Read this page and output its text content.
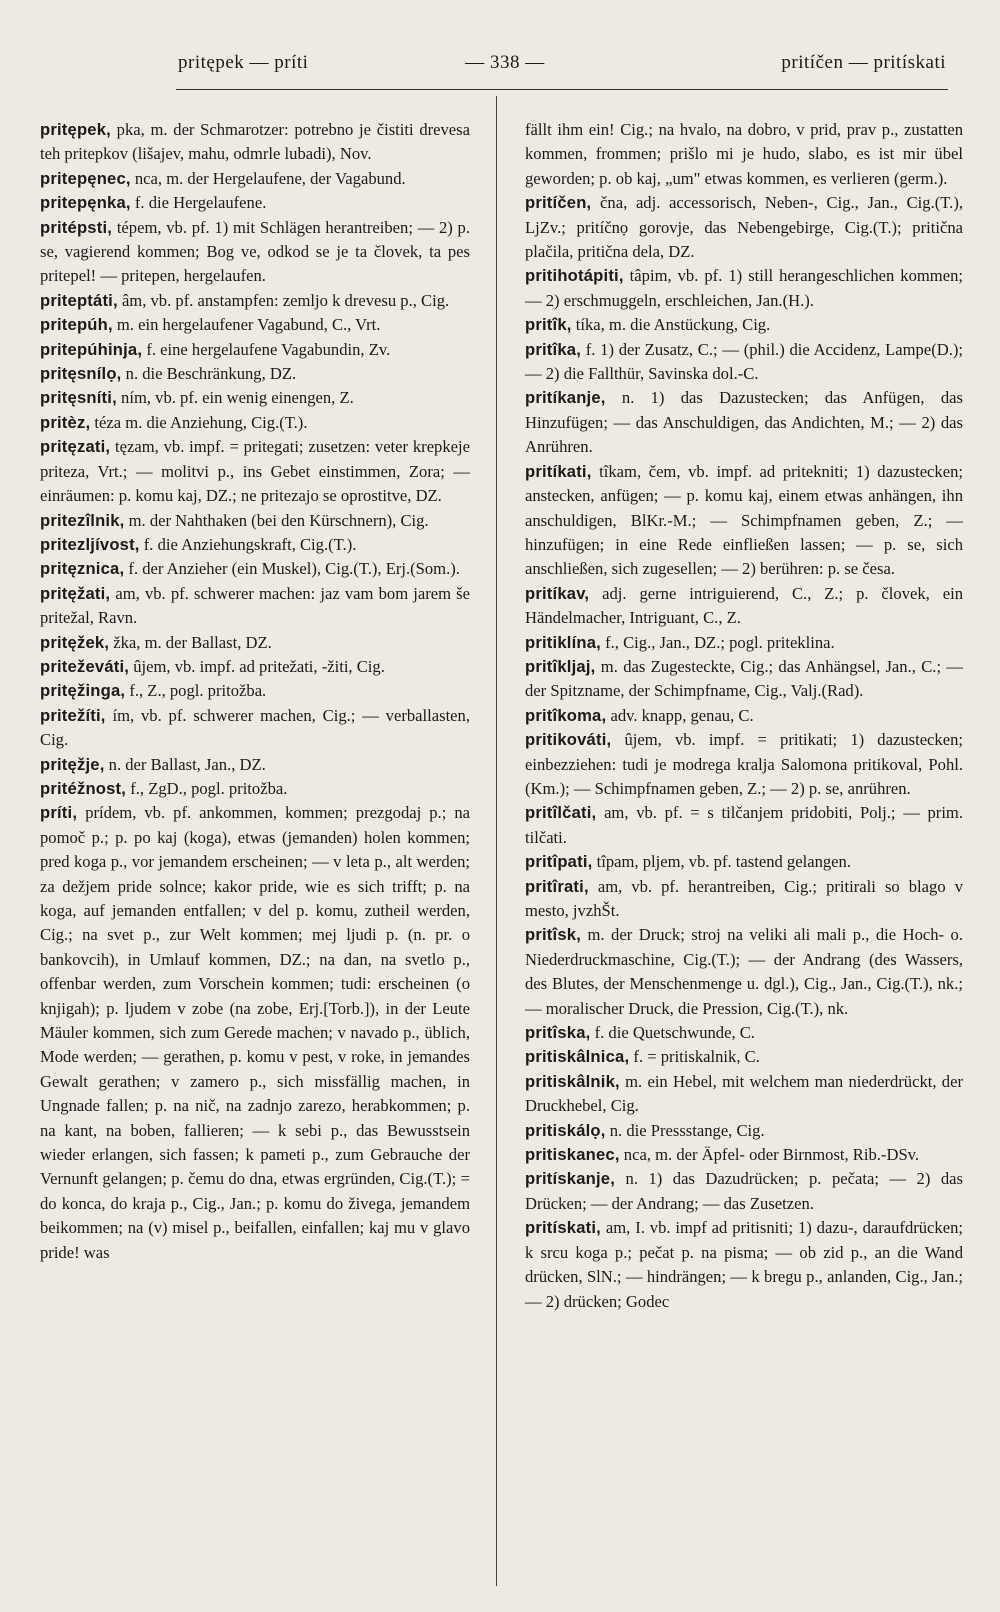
pritępek — príti	— 338 —	pritíčen — pritískati

pritępek, pka, m. der Schmarotzer: potrebno je čistiti drevesa teh pritepkov (lišajev, mahu, odmrle lubadi), Nov.

pritepęnec, nca, m. der Hergelaufene, der Vagabund.

pritepęnka, f. die Hergelaufene.

pritépsti, tépem, vb. pf. 1) mit Schlägen herantreiben; — 2) p. se, vagierend kommen; Bog ve, odkod se je ta človek, ta pes pritepel! — pritepen, hergelaufen.

priteptáti, âm, vb. pf. anstampfen: zemljo k drevesu p., Cig.

pritepúh, m. ein hergelaufener Vagabund, C., Vrt.

pritepúhinja, f. eine hergelaufene Vagabundin, Zv.

pritęsnílọ, n. die Beschränkung, DZ.

pritęsníti, ním, vb. pf. ein wenig einengen, Z.

pritèz, téza m. die Anziehung, Cig.(T.).

pritęzati, tęzam, vb. impf. = pritegati; zusetzen: veter krepkeje priteza, Vrt.; — molitvi p., ins Gebet einstimmen, Zora; — einräumen: p. komu kaj, DZ.; ne pritezajo se oprostitve, DZ.

pritezîlnik, m. der Nahthaken (bei den Kürschnern), Cig.

pritezljívost, f. die Anziehungskraft, Cig.(T.).

pritęznica, f. der Anzieher (ein Muskel), Cig.(T.), Erj.(Som.).

pritęžati, am, vb. pf. schwerer machen: jaz vam bom jarem še pritežal, Ravn.

pritęžek, žka, m. der Ballast, DZ.

priteževáti, ûjem, vb. impf. ad pritežati, -žiti, Cig.

pritęžinga, f., Z., pogl. pritožba.

pritežíti, ím, vb. pf. schwerer machen, Cig.; — verballasten, Cig.

pritęžje, n. der Ballast, Jan., DZ.

pritéžnost, f., ZgD., pogl. pritožba.

príti, prídem, vb. pf. ankommen, kommen; prezgodaj p.; na pomoč p.; p. po kaj (koga), etwas (jemanden) holen kommen; pred koga p., vor jemandem erscheinen; — v leta p., alt werden; za dežjem pride solnce; kakor pride, wie es sich trifft; p. na koga, auf jemanden entfallen; v del p. komu, zutheil werden, Cig.; na svet p., zur Welt kommen; mej ljudi p. (n. pr. o bankovcih), in Umlauf kommen, DZ.; na dan, na svetlo p., offenbar werden, zum Vorschein kommen; tudi: erscheinen (o knjigah); p. ljudem v zobe (na zobe, Erj.[Torb.]), in der Leute Mäuler kommen, sich zum Gerede machen; v navado p., üblich, Mode werden; — gerathen, p. komu v pest, v roke, in jemandes Gewalt gerathen; v zamero p., sich missfällig machen, in Ungnade fallen; p. na nič, na zadnjo zarezo, herabkommen; p. na kant, na boben, fallieren; — k sebi p., das Bewusstsein wieder erlangen, sich fassen; k pameti p., zum Gebrauche der Vernunft gelangen; p. čemu do dna, etwas ergründen, Cig.(T.); = do konca, do kraja p., Cig., Jan.; p. komu do živega, jemandem beikommen; na (v) misel p., beifallen, einfallen; kaj mu v glavo pride! was

fällt ihm ein! Cig.; na hvalo, na dobro, v prid, prav p., zustatten kommen, frommen; prišlo mi je hudo, slabo, es ist mir übel geworden; p. ob kaj, „um" etwas kommen, es verlieren (germ.).

pritíčen, čna, adj. accessorisch, Neben-, Cig., Jan., Cig.(T.), LjZv.; pritíčnọ gorovje, das Nebengebirge, Cig.(T.); pritična plačila, pritična dela, DZ.

pritihotápiti, tâpim, vb. pf. 1) still herangeschlichen kommen; — 2) erschmuggeln, erschleichen, Jan.(H.).

pritîk, tíka, m. die Anstückung, Cig.

pritîka, f. 1) der Zusatz, C.; — (phil.) die Accidenz, Lampe(D.); — 2) die Fallthür, Savinska dol.-C.

pritíkanje, n. 1) das Dazustecken; das Anfügen, das Hinzufügen; — das Anschuldigen, das Andichten, M.; — 2) das Anrühren.

pritíkati, tîkam, čem, vb. impf. ad pritekniti; 1) dazustecken; anstecken, anfügen; — p. komu kaj, einem etwas anhängen, ihn anschuldigen, BlKr.-M.; — Schimpfnamen geben, Z.; — hinzufügen; in eine Rede einfließen lassen; — p. se, sich anschließen, sich zugesellen; — 2) berühren: p. se česa.

pritíkav, adj. gerne intriguierend, C., Z.; p. človek, ein Händelmacher, Intriguant, C., Z.

pritiklína, f., Cig., Jan., DZ.; pogl. priteklina.

pritîkljaj, m. das Zugesteckte, Cig.; das Anhängsel, Jan., C.; — der Spitzname, der Schimpfname, Cig., Valj.(Rad).

pritîkoma, adv. knapp, genau, C.

pritikováti, ûjem, vb. impf. = pritikati; 1) dazustecken; einbezziehen: tudi je modrega kralja Salomona pritikoval, Pohl.(Km.); — Schimpfnamen geben, Z.; — 2) p. se, anrühren.

pritîlčati, am, vb. pf. = s tilčanjem pridobiti, Polj.; — prim. tilčati.

pritîpati, tîpam, pljem, vb. pf. tastend gelangen.

pritîrati, am, vb. pf. herantreiben, Cig.; pritirali so blago v mesto, jvzhŠt.

pritîsk, m. der Druck; stroj na veliki ali mali p., die Hoch- o. Niederdruckmaschine, Cig.(T.); — der Andrang (des Wassers, des Blutes, der Menschenmenge u. dgl.), Cig., Jan., Cig.(T.), nk.; — moralischer Druck, die Pression, Cig.(T.), nk.

pritîska, f. die Quetschwunde, C.

pritiskâlnica, f. = pritiskalnik, C.

pritiskâlnik, m. ein Hebel, mit welchem man niederdrückt, der Druckhebel, Cig.

pritiskálọ, n. die Pressstange, Cig.

pritiskanec, nca, m. der Äpfel- oder Birnmost, Rib.-DSv.

pritískanje, n. 1) das Dazudrücken; p. pečata; — 2) das Drücken; — der Andrang; — das Zusetzen.

pritískati, am, I. vb. impf ad pritisniti; 1) dazu-, daraufdrücken; k srcu koga p.; pečat p. na pisma; — ob zid p., an die Wand drücken, SlN.; — hindrängen; — k bregu p., anlanden, Cig., Jan.; — 2) drücken; Godec
